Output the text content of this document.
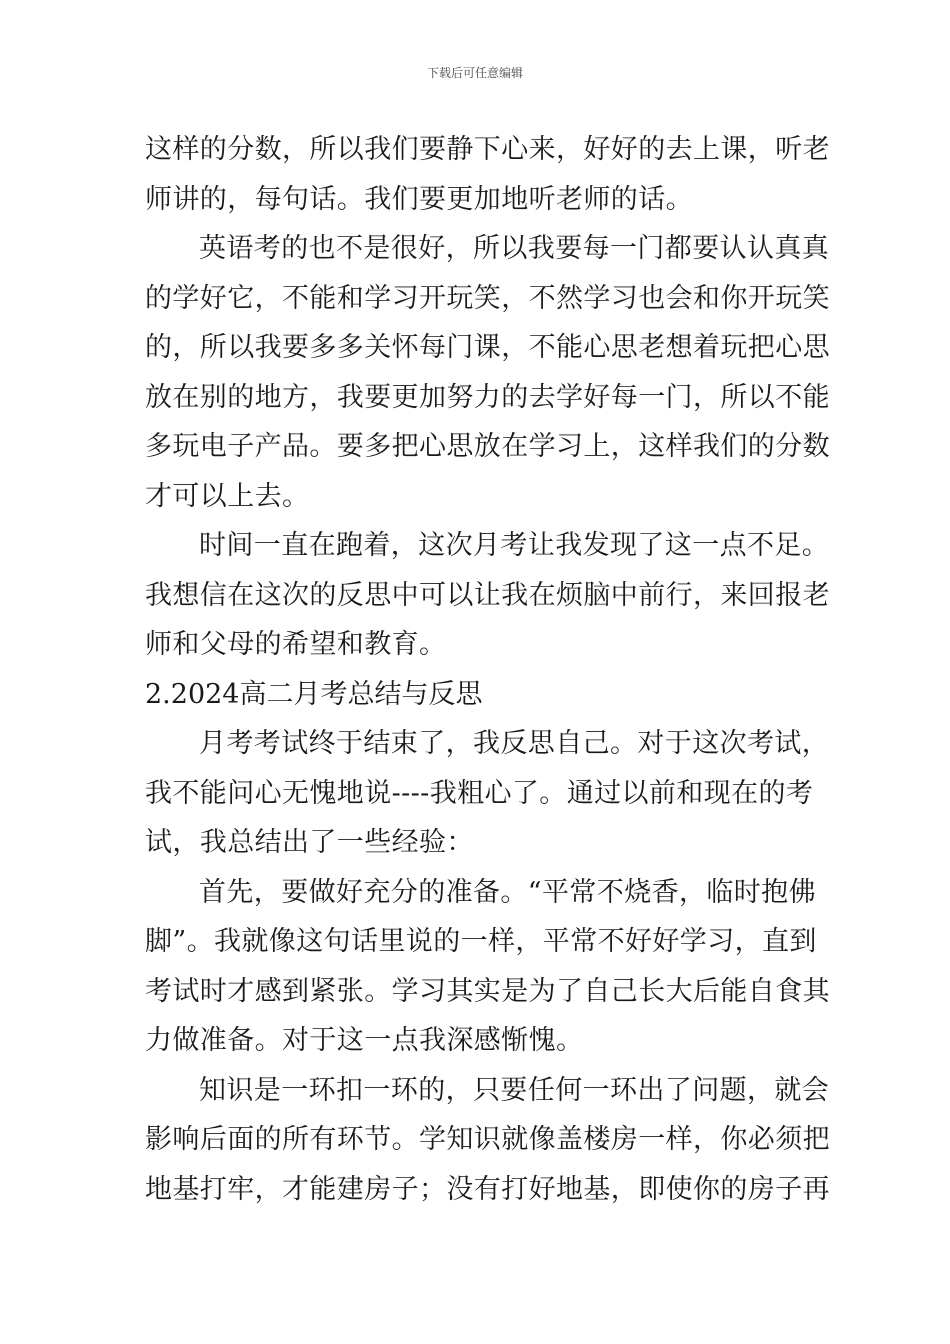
下载后可任意编辑
这样的分数，所以我们要静下心来，好好的去上课，听老
师讲的，每句话。我们要更加地听老师的话。
英语考的也不是很好，所以我要每一门都要认认真真
的学好它，不能和学习开玩笑，不然学习也会和你开玩笑
的，所以我要多多关怀每门课，不能心思老想着玩把心思
放在别的地方，我要更加努力的去学好每一门，所以不能
多玩电子产品。要多把心思放在学习上，这样我们的分数
才可以上去。
时间一直在跑着，这次月考让我发现了这一点不足。
我想信在这次的反思中可以让我在烦脑中前行，来回报老
师和父母的希望和教育。
2.2024高二月考总结与反思
月考考试终于结束了，我反思自己。对于这次考试，
我不能问心无愧地说----我粗心了。通过以前和现在的考
试，我总结出了一些经验：
首先，要做好充分的准备。“平常不烧香，临时抱佛
脚”。我就像这句话里说的一样，平常不好好学习，直到
考试时才感到紧张。学习其实是为了自己长大后能自食其
力做准备。对于这一点我深感惭愧。
知识是一环扣一环的，只要任何一环出了问题，就会
影响后面的所有环节。学知识就像盖楼房一样，你必须把
地基打牢，才能建房子；没有打好地基，即使你的房子再
